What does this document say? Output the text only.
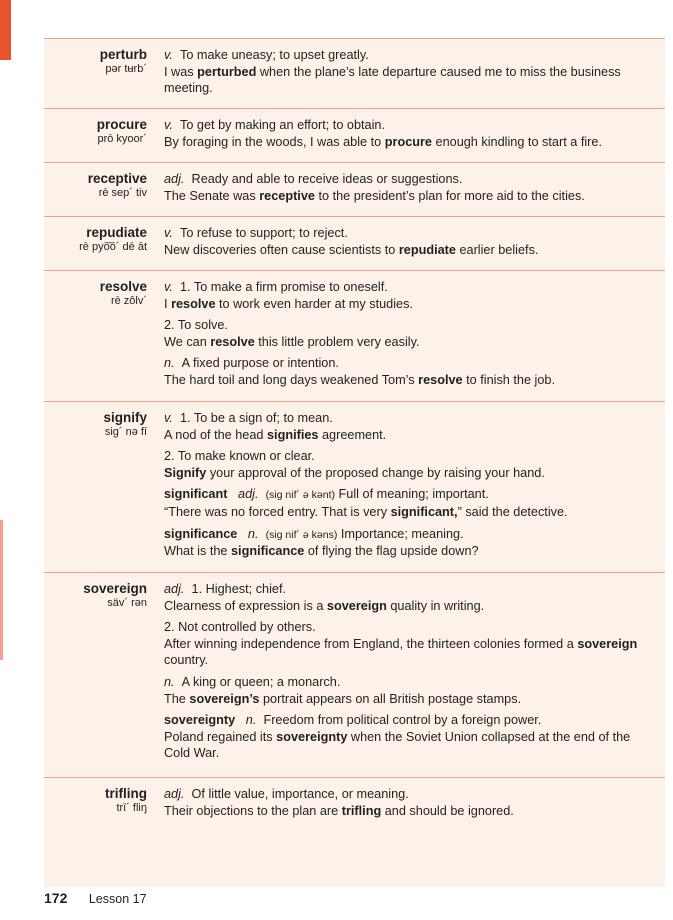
perturb
pər tʉrb´
v. To make uneasy; to upset greatly.
I was perturbed when the plane’s late departure caused me to miss the business meeting.
procure
prō kyoor´
v. To get by making an effort; to obtain.
By foraging in the woods, I was able to procure enough kindling to start a fire.
receptive
rē sep´ tiv
adj. Ready and able to receive ideas or suggestions.
The Senate was receptive to the president’s plan for more aid to the cities.
repudiate
rē pyo͞o´ dē āt
v. To refuse to support; to reject.
New discoveries often cause scientists to repudiate earlier beliefs.
resolve
rē zôlv´
v. 1. To make a firm promise to oneself.
I resolve to work even harder at my studies.
2. To solve.
We can resolve this little problem very easily.
n. A fixed purpose or intention.
The hard toil and long days weakened Tom’s resolve to finish the job.
signify
sig´ nə fī
v. 1. To be a sign of; to mean.
A nod of the head signifies agreement.
2. To make known or clear.
Signify your approval of the proposed change by raising your hand.
significant adj. (sig nif´ ə kənt) Full of meaning; important.
“There was no forced entry. That is very significant,” said the detective.
significance n. (sig nif´ ə kəns) Importance; meaning.
What is the significance of flying the flag upside down?
sovereign
säv´ rən
adj. 1. Highest; chief.
Clearness of expression is a sovereign quality in writing.
2. Not controlled by others.
After winning independence from England, the thirteen colonies formed a sovereign country.
n. A king or queen; a monarch.
The sovereign’s portrait appears on all British postage stamps.
sovereignty n. Freedom from political control by a foreign power.
Poland regained its sovereignty when the Soviet Union collapsed at the end of the Cold War.
trifling
trī´ fliŋ
adj. Of little value, importance, or meaning.
Their objections to the plan are trifling and should be ignored.
172 Lesson 17
